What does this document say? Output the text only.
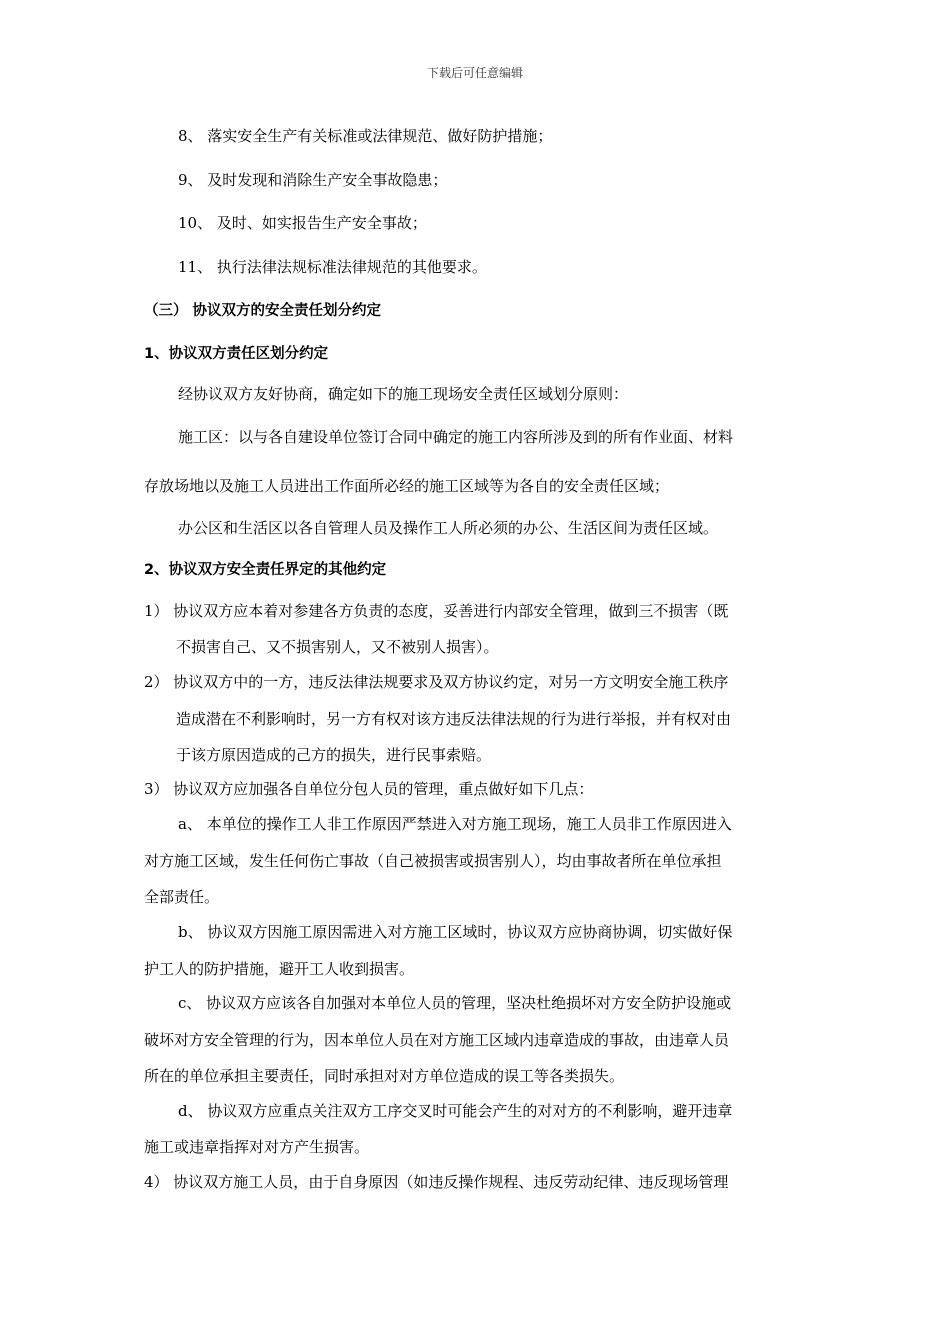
下载后可任意编辑
8、 落实安全生产有关标准或法律规范、做好防护措施；
9、 及时发现和消除生产安全事故隐患；
10、 及时、如实报告生产安全事故；
11、 执行法律法规标准法律规范的其他要求。
（三） 协议双方的安全责任划分约定
1、协议双方责任区划分约定
经协议双方友好协商，确定如下的施工现场安全责任区域划分原则：
施工区：以与各自建设单位签订合同中确定的施工内容所涉及到的所有作业面、材料
存放场地以及施工人员进出工作面所必经的施工区域等为各自的安全责任区域；
办公区和生活区以各自管理人员及操作工人所必须的办公、生活区间为责任区域。
2、协议双方安全责任界定的其他约定
1） 协议双方应本着对参建各方负责的态度，妥善进行内部安全管理，做到三不损害（既
不损害自己、又不损害别人，又不被别人损害）。
2） 协议双方中的一方，违反法律法规要求及双方协议约定，对另一方文明安全施工秩序
造成潜在不利影响时，另一方有权对该方违反法律法规的行为进行举报，并有权对由
于该方原因造成的己方的损失，进行民事索赔。
3） 协议双方应加强各自单位分包人员的管理，重点做好如下几点：
a、 本单位的操作工人非工作原因严禁进入对方施工现场，施工人员非工作原因进入
对方施工区域，发生任何伤亡事故（自己被损害或损害别人），均由事故者所在单位承担
全部责任。
b、 协议双方因施工原因需进入对方施工区域时，协议双方应协商协调，切实做好保
护工人的防护措施，避开工人收到损害。
c、 协议双方应该各自加强对本单位人员的管理，坚决杜绝损坏对方安全防护设施或
破坏对方安全管理的行为，因本单位人员在对方施工区域内违章造成的事故，由违章人员
所在的单位承担主要责任，同时承担对对方单位造成的误工等各类损失。
d、 协议双方应重点关注双方工序交叉时可能会产生的对对方的不利影响，避开违章
施工或违章指挥对对方产生损害。
4） 协议双方施工人员，由于自身原因（如违反操作规程、违反劳动纪律、违反现场管理
